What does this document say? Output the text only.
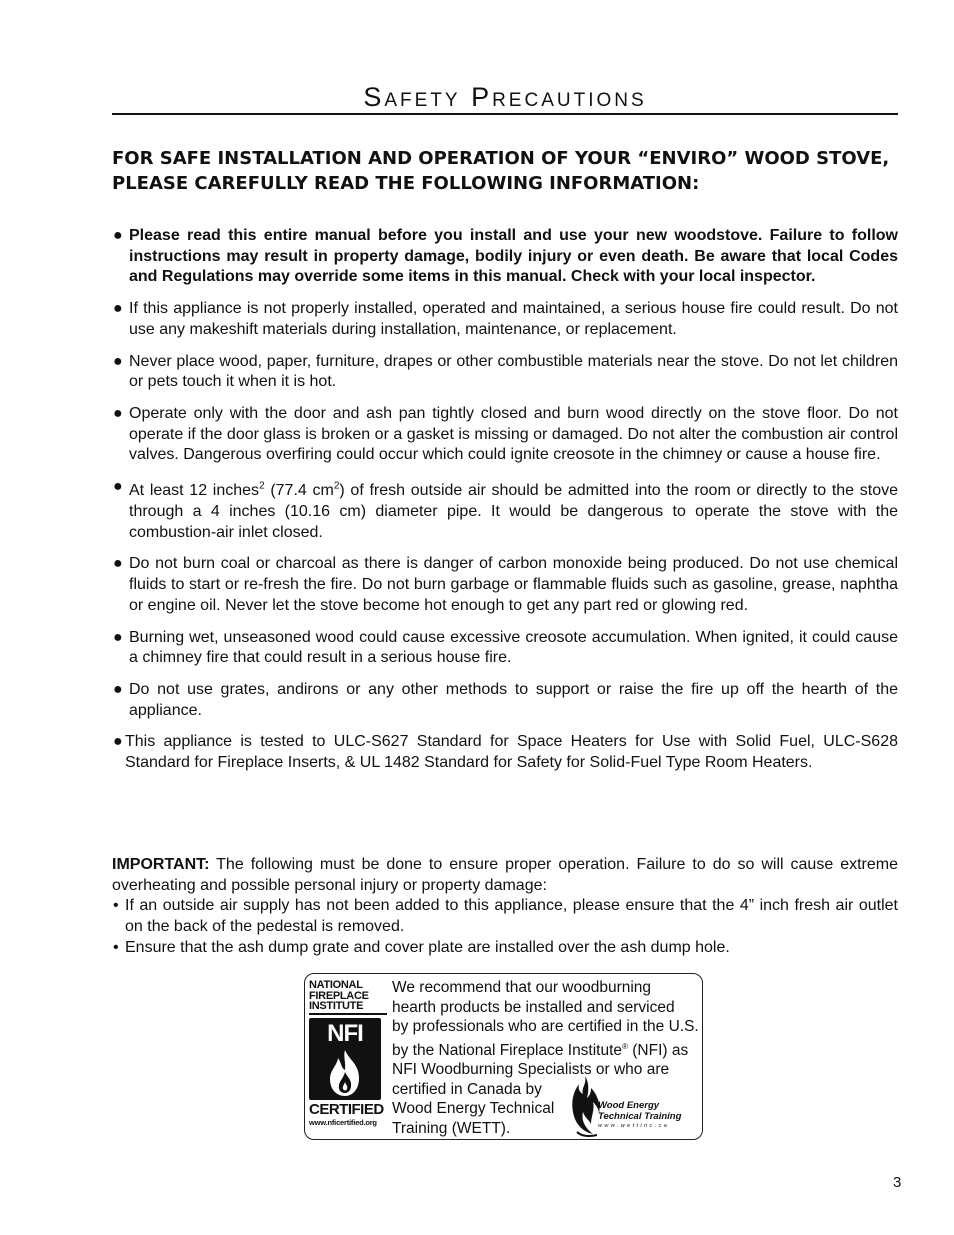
Safety Precautions
FOR SAFE INSTALLATION AND OPERATION OF YOUR “ENVIRO” WOOD STOVE, PLEASE CAREFULLY READ THE FOLLOWING INFORMATION:
● Please read this entire manual before you install and use your new woodstove. Failure to follow instructions may result in property damage, bodily injury or even death. Be aware that local Codes and Regulations may override some items in this manual. Check with your local inspector.
● If this appliance is not properly installed, operated and maintained, a serious house fire could result. Do not use any makeshift materials during installation, maintenance, or replacement.
● Never place wood, paper, furniture, drapes or other combustible materials near the stove. Do not let children or pets touch it when it is hot.
● Operate only with the door and ash pan tightly closed and burn wood directly on the stove floor. Do not operate if the door glass is broken or a gasket is missing or damaged. Do not alter the combustion air control valves. Dangerous overfiring could occur which could ignite creosote in the chimney or cause a house fire.
● At least 12 inches$^2$ (77.4 $cm^2$) of fresh outside air should be admitted into the room or directly to the stove through a 4 inches (10.16 cm) diameter pipe. It would be dangerous to operate the stove with the combustion-air inlet closed.
● Do not burn coal or charcoal as there is danger of carbon monoxide being produced. Do not use chemical fluids to start or re-fresh the fire. Do not burn garbage or flammable fluids such as gasoline, grease, naphtha or engine oil. Never let the stove become hot enough to get any part red or glowing red.
● Burning wet, unseasoned wood could cause excessive creosote accumulation. When ignited, it could cause a chimney fire that could result in a serious house fire.
● Do not use grates, andirons or any other methods to support or raise the fire up off the hearth of the appliance.
● This appliance is tested to ULC-S627 Standard for Space Heaters for Use with Solid Fuel, ULC-S628 Standard for Fireplace Inserts, & UL 1482 Standard for Safety for Solid-Fuel Type Room Heaters.
IMPORTANT: The following must be done to ensure proper operation. Failure to do so will cause extreme overheating and possible personal injury or property damage:
• If an outside air supply has not been added to this appliance, please ensure that the 4” inch fresh air outlet on the back of the pedestal is removed.
• Ensure that the ash dump grate and cover plate are installed over the ash dump hole.
NATIONAL
FIREPLACE
INSTITUTE
NFI
CERTIFIED
www.nficertified.org
We recommend that our woodburning
hearth products be installed and serviced
by professionals who are certified in the U.S.
by the National Fireplace Institute® (NFI) as
NFI Woodburning Specialists or who are
certified in Canada by
Wood Energy Technical
Training (WETT).
Wood Energy
Technical Training
www.wettinc.ca
3
